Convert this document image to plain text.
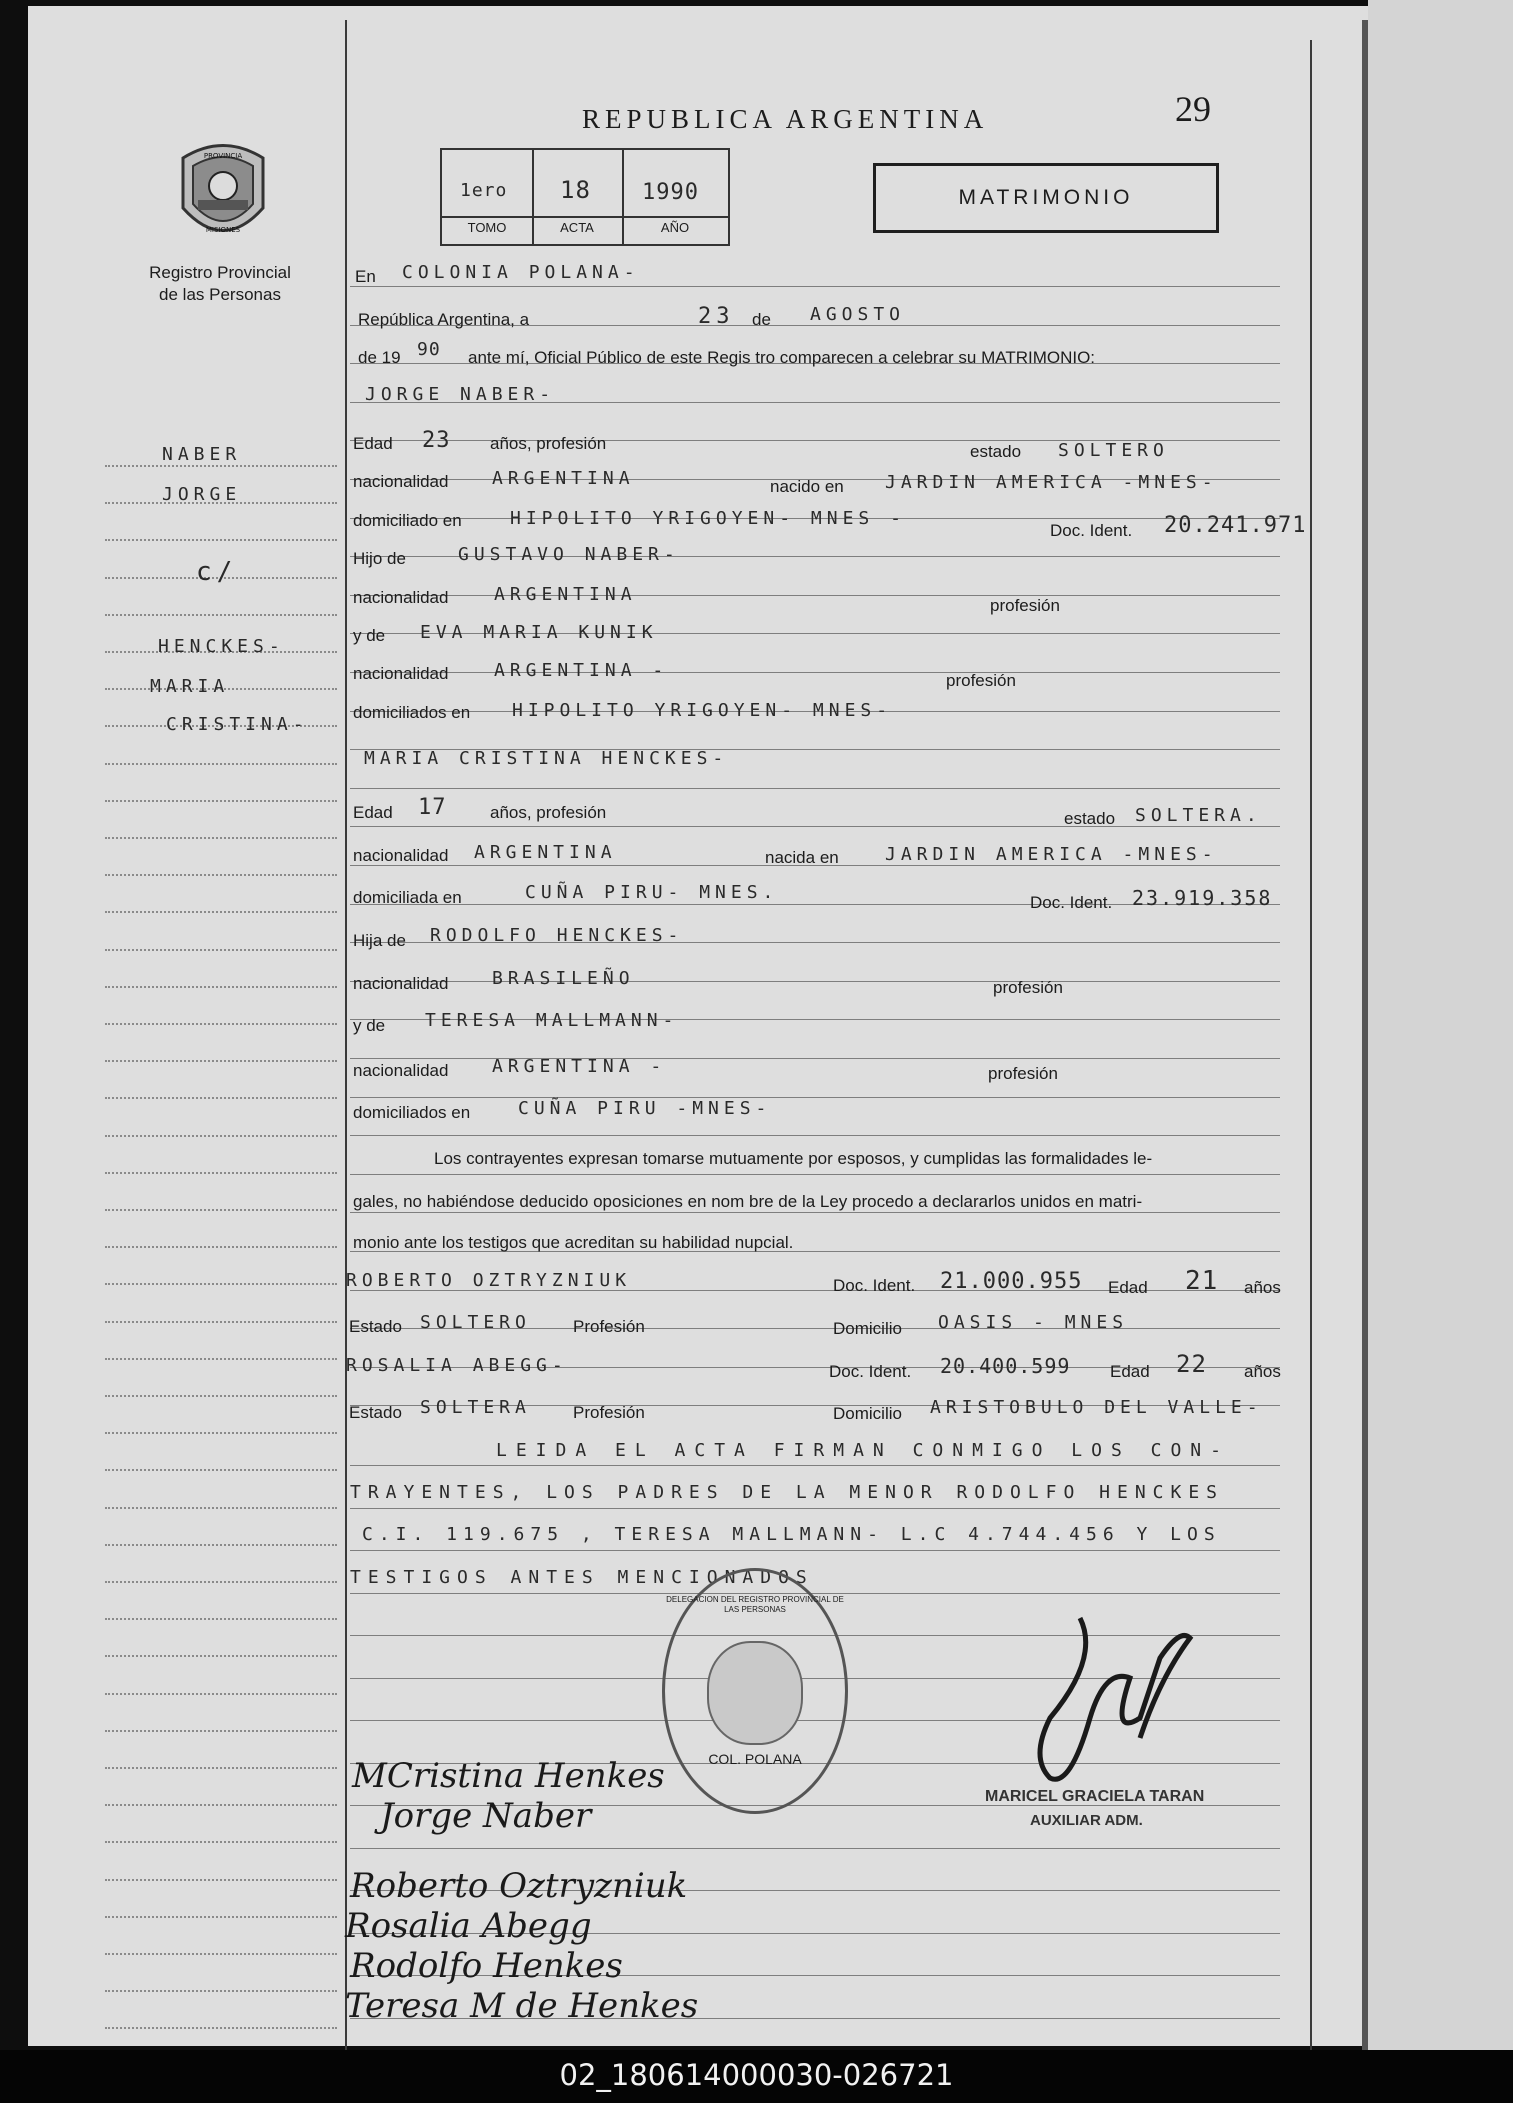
REPUBLICA ARGENTINA	29
MATRIMONIO
1ero 18 1990
TOMO	ACTA	AÑO
PROVINCIA
MISIONES
Registro Provincial
de las Personas
NABER
JORGE
c/
HENCKES-
MARIA
CRISTINA-
En COLONIA POLANA-
República Argentina, a	23 de AGOSTO
de 19 90 ante mí, Oficial Público de este Regis tro comparecen a celebrar su MATRIMONIO:
JORGE NABER-
Edad 23 años, profesión	estado SOLTERO
nacionalidad ARGENTINA	nacido en JARDIN AMERICA -MNES-
domiciliado en	HIPOLITO YRIGOYEN- MNES -
Doc. Ident. 20.241.971
Hijo de	GUSTAVO NABER-
nacionalidad	ARGENTINA
profesión
y de EVA MARIA KUNIK
nacionalidad	ARGENTINA -	profesión
domiciliados en HIPOLITO YRIGOYEN- MNES-
MARIA CRISTINA HENCKES-
Edad 17	años, profesión	estado SOLTERA.
nacionalidad ARGENTINA	nacida en	JARDIN AMERICA -MNES-
domiciliada en	CUÑA PIRU- MNES.	Doc. Ident. 23.919.358
Hija de RODOLFO HENCKES-
nacionalidad BRASILEÑO	profesión
y de TERESA MALLMANN-
nacionalidad ARGENTINA -	profesión
domiciliados en	CUÑA PIRU -MNES-
Los contrayentes expresan tomarse mutuamente por esposos, y cumplidas las formalidades le-
gales, no habiéndose deducido oposiciones en nom bre de la Ley procedo a declararlos unidos en matri-
monio ante los testigos que acreditan su habilidad nupcial.
ROBERTO OZTRYZNIUK	Doc. Ident. 21.000.955 Edad 21 años
Estado SOLTERO Profesión	Domicilio OASIS - MNES
ROSALIA ABEGG-	Doc. Ident. 20.400.599 Edad 22 años
Estado SOLTERA Profesión	Domicilio ARISTOBULO DEL VALLE-
LEIDA EL ACTA FIRMAN CONMIGO LOS CON-
TRAYENTES, LOS PADRES DE LA MENOR RODOLFO HENCKES
C.I. 119.675 , TERESA MALLMANN- L.C 4.744.456 Y LOS
TESTIGOS ANTES MENCIONADOS
DELEGACION DEL REGISTRO PROVINCIAL DE LAS PERSONAS
COL. POLANA
MARICEL GRACIELA TARAN
AUXILIAR ADM.
MCristina Henkes
Jorge Naber
Roberto Oztryzniuk
Rosalia Abegg
Rodolfo Henkes
Teresa M de Henkes
02_180614000030-026721
